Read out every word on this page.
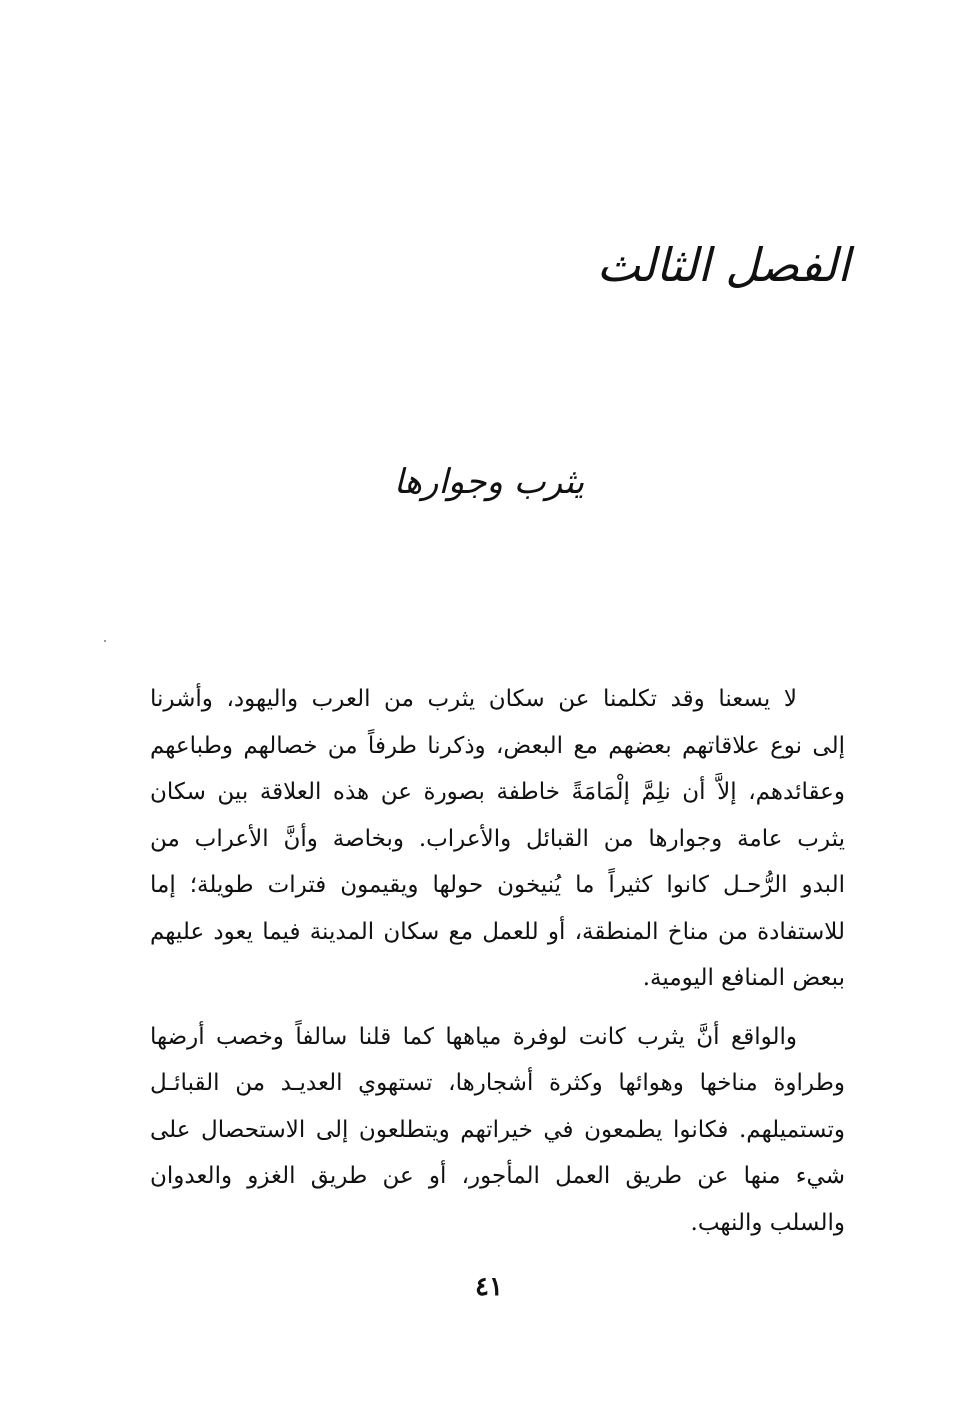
الفصل الثالث
يثرب وجوارها

لا يسعنا وقد تكلمنا عن سكان يثرب من العرب واليهود، وأشرنا
إلى نوع علاقاتهم بعضهم مع البعض، وذكرنا طرفاً من خصالهم وطباعهم
وعقائدهم، إلاَّ أن نلِمَّ إلْمَامَةً خاطفة بصورة عن هذه العلاقة بين سكان
يثرب عامة وجوارها من القبائل والأعراب. وبخاصة وأنَّ الأعراب من
البدو الرُّحـل كانوا كثيراً ما يُنيخون حولها ويقيمون فترات طويلة؛ إما
للاستفادة من مناخ المنطقة، أو للعمل مع سكان المدينة فيما يعود عليهم
ببعض المنافع اليومية.

والواقع أنَّ يثرب كانت لوفرة مياهها كما قلنا سالفاً وخصب أرضها
وطراوة مناخها وهوائها وكثرة أشجارها، تستهوي العديـد من القبائـل
وتستميلهم. فكانوا يطمعون في خيراتهم ويتطلعون إلى الاستحصال على
شيء منها عن طريق العمل المأجور، أو عن طريق الغزو والعدوان
والسلب والنهب.

٤١
